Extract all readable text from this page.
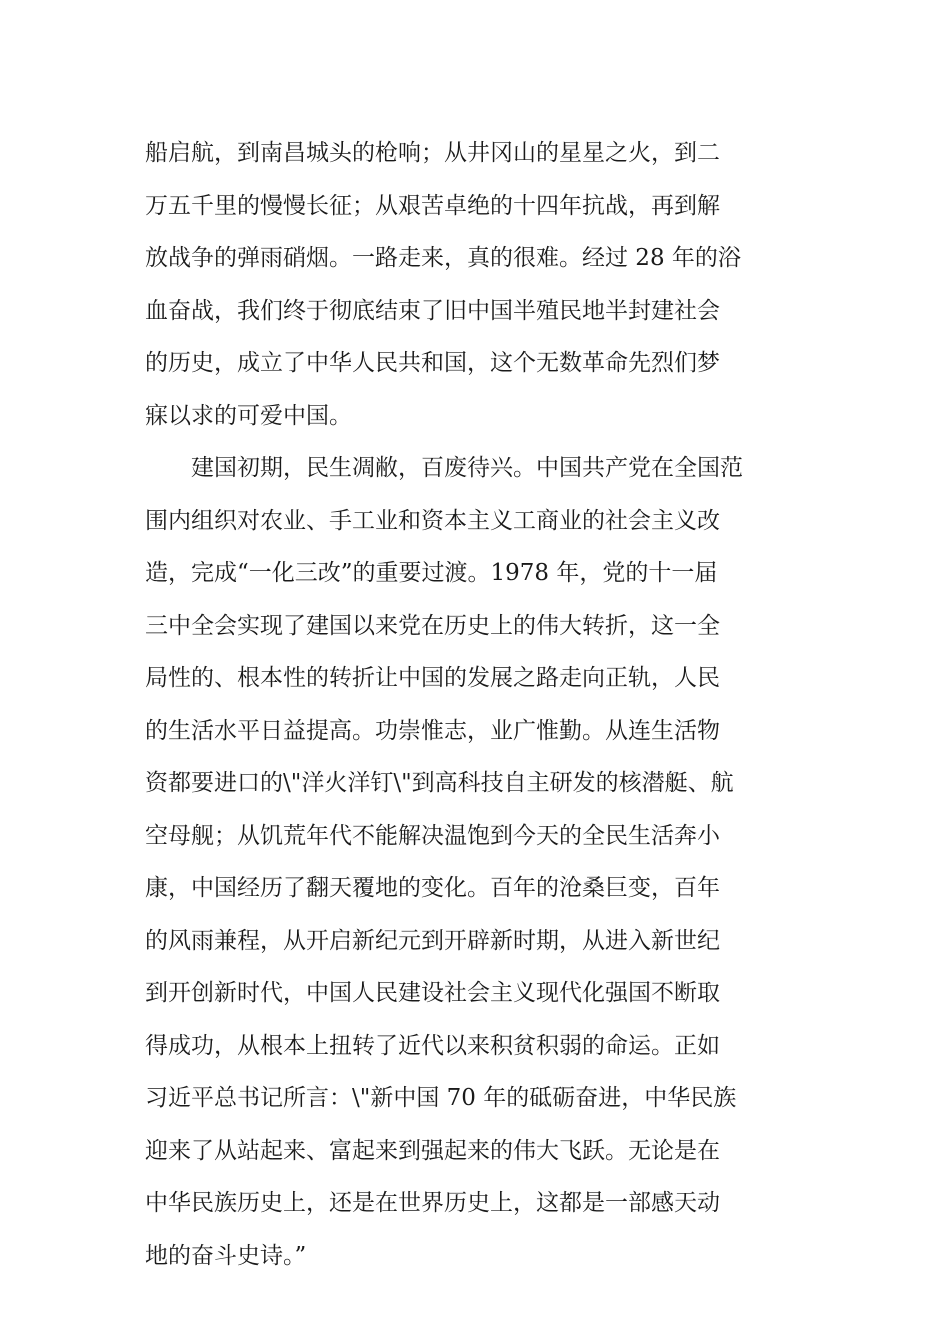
船启航，到南昌城头的枪响；从井冈山的星星之火，到二
万五千里的慢慢长征；从艰苦卓绝的十四年抗战，再到解
放战争的弹雨硝烟。一路走来，真的很难。经过 28 年的浴
血奋战，我们终于彻底结束了旧中国半殖民地半封建社会
的历史，成立了中华人民共和国，这个无数革命先烈们梦
寐以求的可爱中国。
　　建国初期，民生凋敝，百废待兴。中国共产党在全国范
围内组织对农业、手工业和资本主义工商业的社会主义改
造，完成“一化三改”的重要过渡。1978 年，党的十一届
三中全会实现了建国以来党在历史上的伟大转折，这一全
局性的、根本性的转折让中国的发展之路走向正轨，人民
的生活水平日益提高。功崇惟志，业广惟勤。从连生活物
资都要进口的\"洋火洋钉\"到高科技自主研发的核潜艇、航
空母舰；从饥荒年代不能解决温饱到今天的全民生活奔小
康，中国经历了翻天覆地的变化。百年的沧桑巨变，百年
的风雨兼程，从开启新纪元到开辟新时期，从进入新世纪
到开创新时代，中国人民建设社会主义现代化强国不断取
得成功，从根本上扭转了近代以来积贫积弱的命运。正如
习近平总书记所言：\"新中国 70 年的砥砺奋进，中华民族
迎来了从站起来、富起来到强起来的伟大飞跃。无论是在
中华民族历史上，还是在世界历史上，这都是一部感天动
地的奋斗史诗。”
